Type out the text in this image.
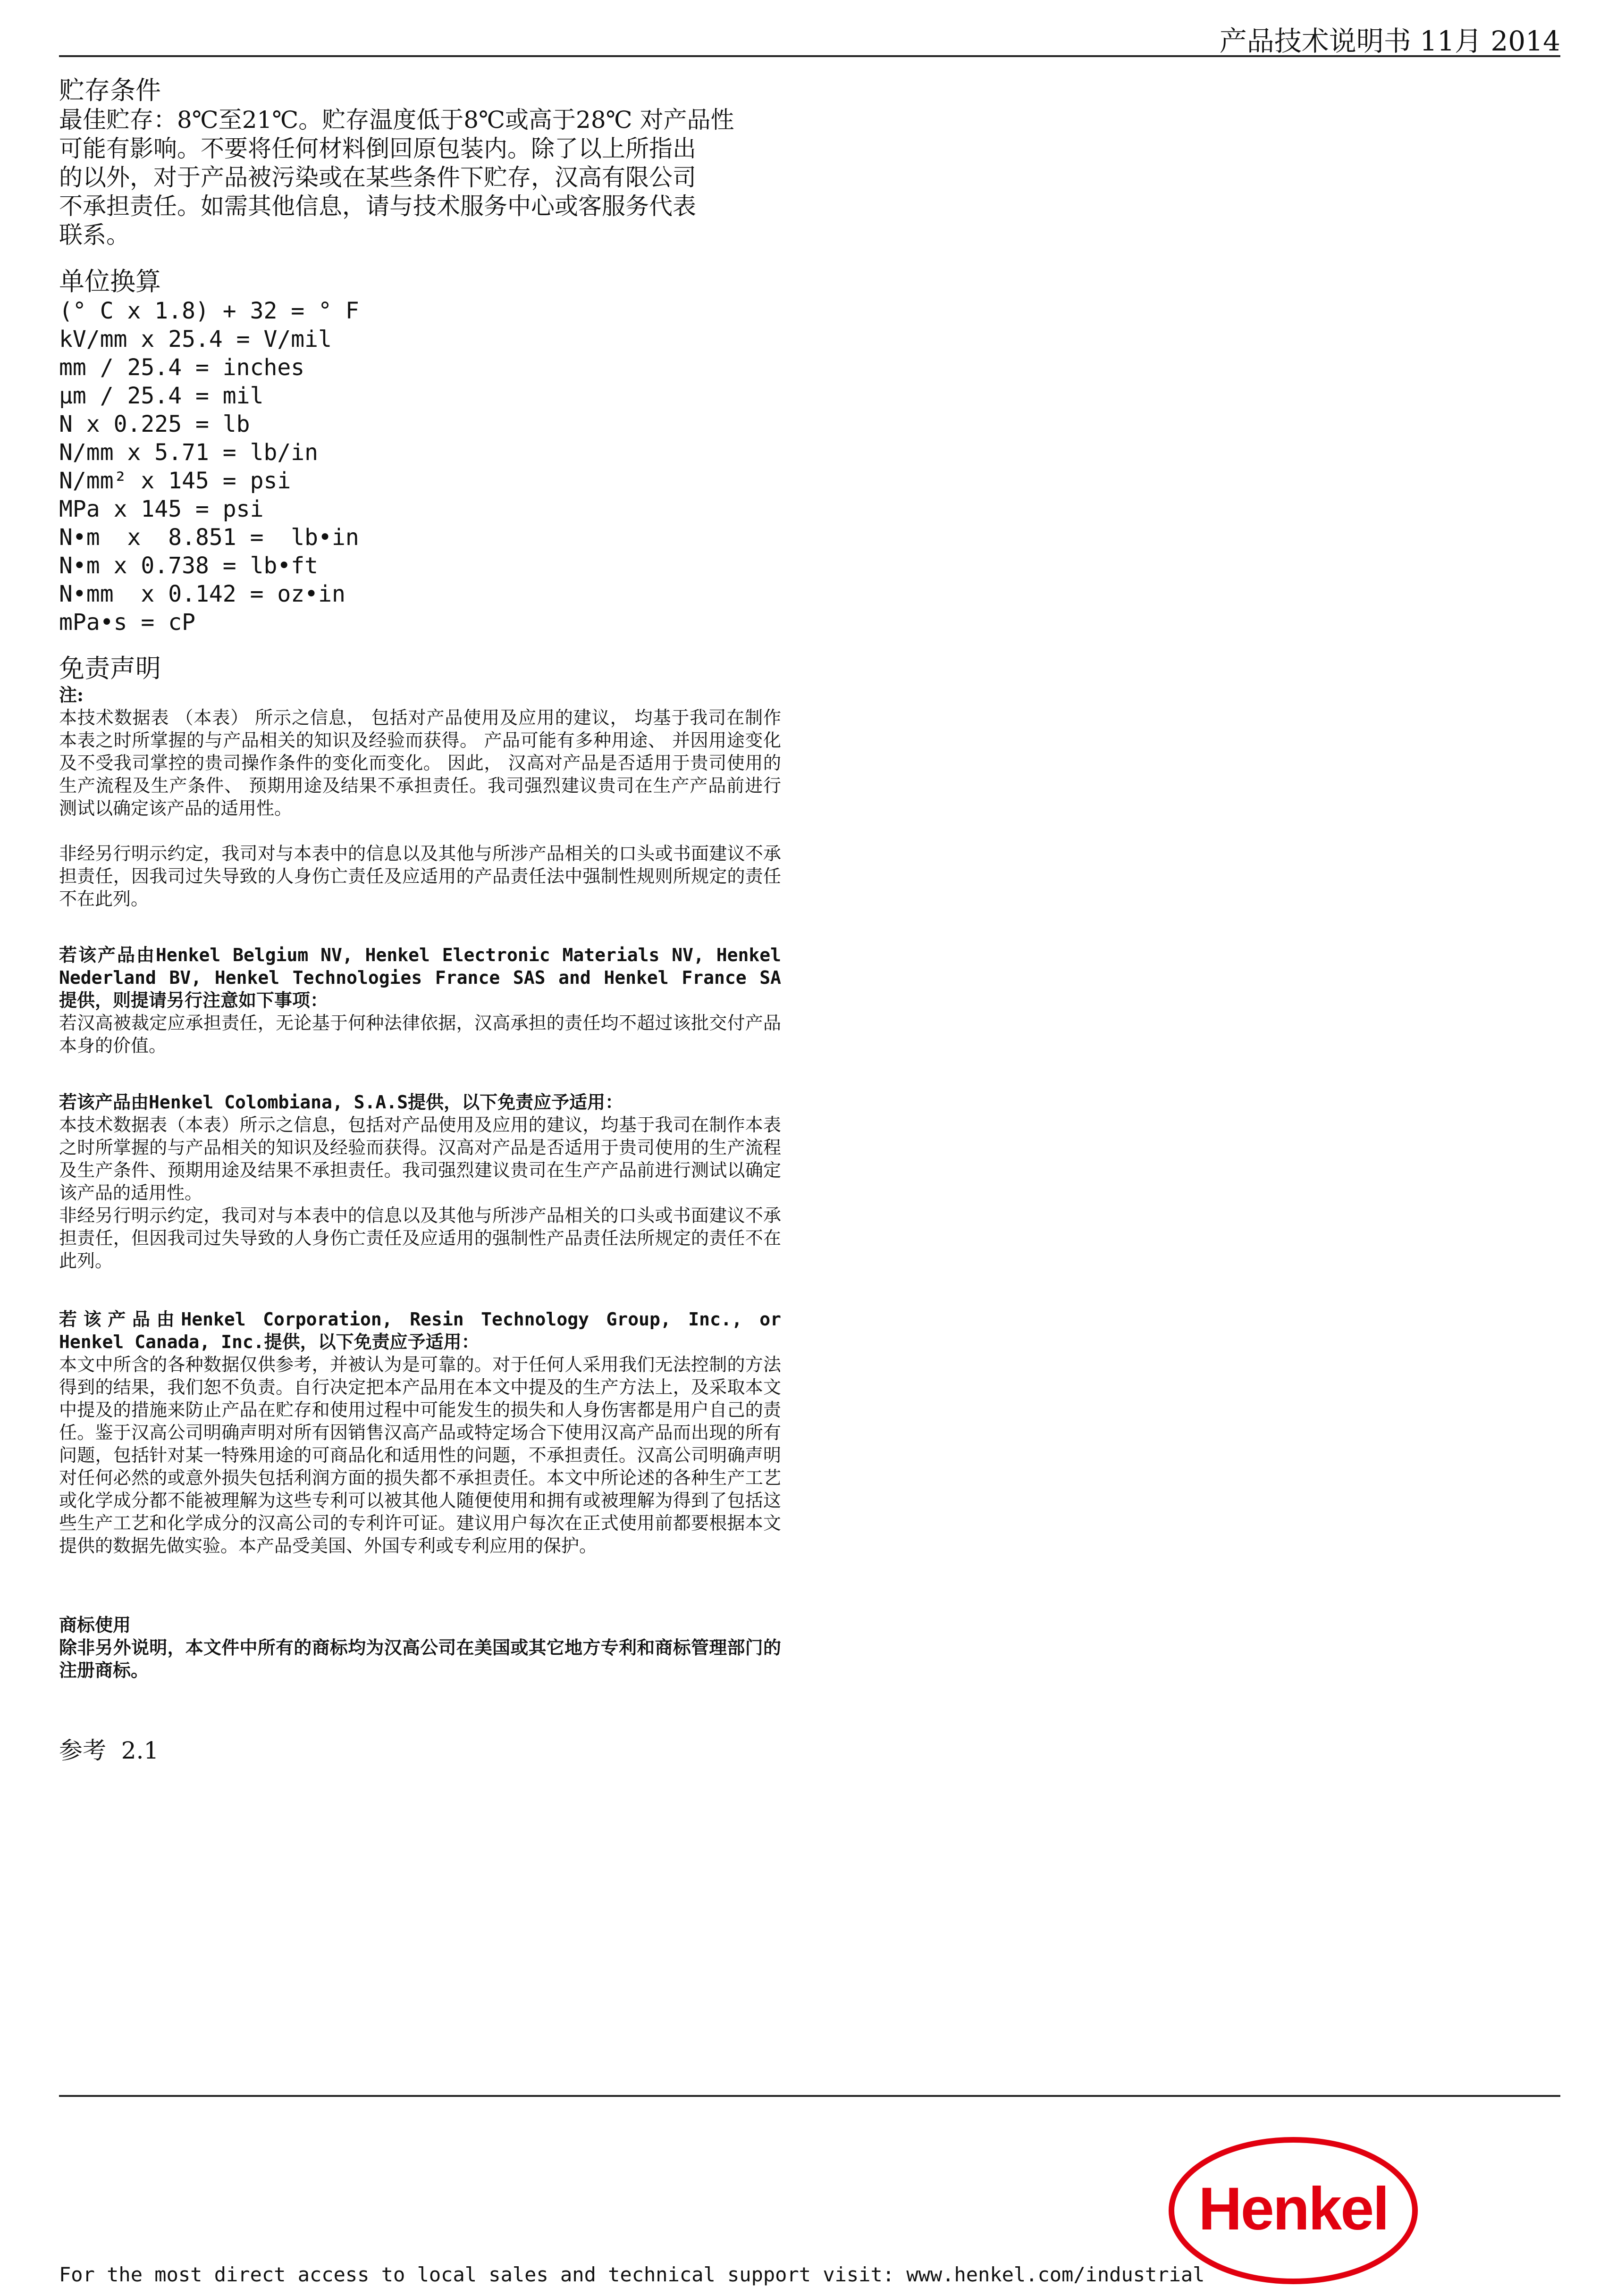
产品技术说明书 11月 2014
贮存条件

最佳贮存：8℃至21℃。贮存温度低于8℃或高于28℃ 对产品性

可能有影响。不要将任何材料倒回原包装内。除了以上所指出

的以外，对于产品被污染或在某些条件下贮存，汉高有限公司

不承担责任。如需其他信息，请与技术服务中心或客服务代表

联系。

单位换算

(° C x 1.8) + 32 = ° F

kV/mm x 25.4 = V/mil

mm / 25.4 = inches

µm / 25.4 = mil

N x 0.225 = lb

N/mm x 5.71 = lb/in

N/mm² x 145 = psi

MPa x 145 = psi

N•m  x  8.851 =  lb•in

N•m x 0.738 = lb•ft

N•mm  x 0.142 = oz•in

mPa•s = cP

免责声明

注:

本技术数据表 （本表） 所示之信息， 包括对产品使用及应用的建议， 均基于我司在制作本表之时所掌握的与产品相关的知识及经验而获得。 产品可能有多种用途、 并因用途变化及不受我司掌控的贵司操作条件的变化而变化。 因此， 汉高对产品是否适用于贵司使用的生产流程及生产条件、 预期用途及结果不承担责任。我司强烈建议贵司在生产产品前进行测试以确定该产品的适用性。

非经另行明示约定，我司对与本表中的信息以及其他与所涉产品相关的口头或书面建议不承担责任，因我司过失导致的人身伤亡责任及应适用的产品责任法中强制性规则所规定的责任不在此列。

若该产品由Henkel Belgium NV, Henkel Electronic Materials NV, Henkel Nederland BV, Henkel Technologies France SAS and Henkel France SA 提供，则提请另行注意如下事项：

若汉高被裁定应承担责任，无论基于何种法律依据，汉高承担的责任均不超过该批交付产品本身的价值。

若该产品由Henkel Colombiana, S.A.S提供，以下免责应予适用：

本技术数据表（本表）所示之信息，包括对产品使用及应用的建议，均基于我司在制作本表之时所掌握的与产品相关的知识及经验而获得。汉高对产品是否适用于贵司使用的生产流程及生产条件、预期用途及结果不承担责任。我司强烈建议贵司在生产产品前进行测试以确定该产品的适用性。

非经另行明示约定，我司对与本表中的信息以及其他与所涉产品相关的口头或书面建议不承担责任，但因我司过失导致的人身伤亡责任及应适用的强制性产品责任法所规定的责任不在此列。

若该产品由Henkel Corporation, Resin Technology Group, Inc., or Henkel Canada, Inc.提供，以下免责应予适用：

本文中所含的各种数据仅供参考，并被认为是可靠的。对于任何人采用我们无法控制的方法得到的结果，我们恕不负责。自行决定把本产品用在本文中提及的生产方法上，及采取本文中提及的措施来防止产品在贮存和使用过程中可能发生的损失和人身伤害都是用户自己的责任。鉴于汉高公司明确声明对所有因销售汉高产品或特定场合下使用汉高产品而出现的所有问题，包括针对某一特殊用途的可商品化和适用性的问题，不承担责任。汉高公司明确声明对任何必然的或意外损失包括利润方面的损失都不承担责任。本文中所论述的各种生产工艺或化学成分都不能被理解为这些专利可以被其他人随便使用和拥有或被理解为得到了包括这些生产工艺和化学成分的汉高公司的专利许可证。建议用户每次在正式使用前都要根据本文提供的数据先做实验。本产品受美国、外国专利或专利应用的保护。

商标使用

除非另外说明，本文件中所有的商标均为汉高公司在美国或其它地方专利和商标管理部门的注册商标。

参考  2.1

Henkel
For the most direct access to local sales and technical support visit: www.henkel.com/industrial
